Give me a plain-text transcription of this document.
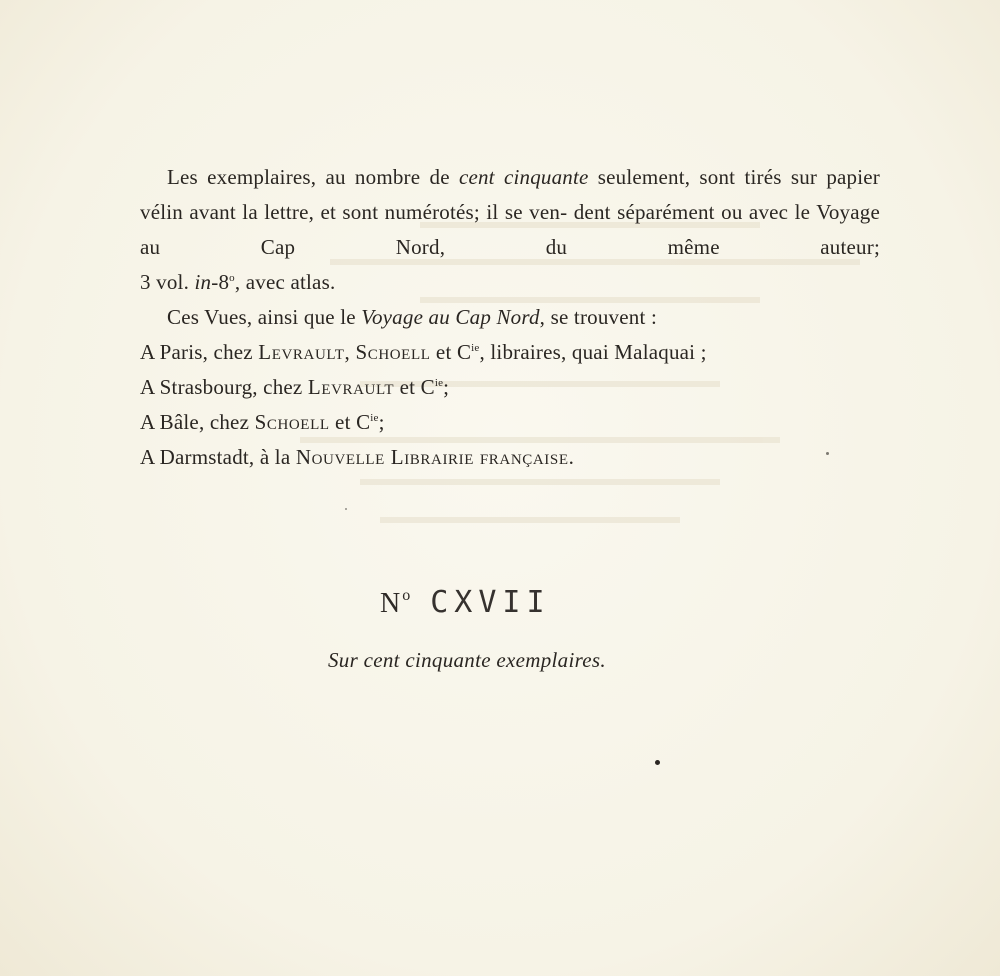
Les exemplaires, au nombre de cent cinquante seulement, sont tirés sur papier vélin avant la lettre, et sont numérotés; il se ven- dent séparément ou avec le Voyage au Cap Nord, du même auteur;

3 vol. in-8$^o$, avec atlas.
Ces Vues, ainsi que le Voyage au Cap Nord, se trouvent :
A Paris, chez Levrault, Schoell et $C^{ie}$, libraires, quai Malaquai ;
A Strasbourg, chez Levrault et $C^{ie}$;
A Bâle, chez Schoell et $C^{ie}$;
A Darmstadt, à la Nouvelle Librairie française.
$N^o$ CXVII
Sur cent cinquante exemplaires.
